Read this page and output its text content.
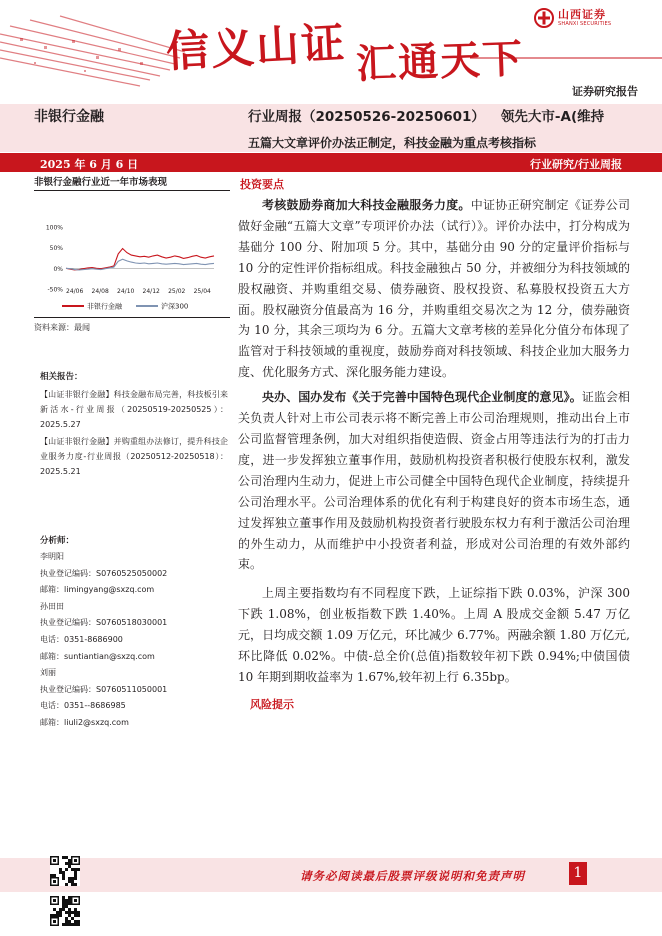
信义山证 汇通天下
山西证券
SHANXI SECURITIES
证券研究报告
非银行金融	行业周报（20250526-20250601） 领先大市-A(维持
五篇大文章评价办法正制定，科技金融为重点考核指标
2025 年 6 月 6 日	行业研究/行业周报
非银行金融行业近一年市场表现
100%
50%
0%
-50% 24/06 24/08 24/10 24/12 25/02 25/04
非银行金融	沪深300
资料来源：最闻
相关报告：
【山证非银行金融】科技金融布局完善，科技板引来新活水-行业周报（20250519-20250525）：2025.5.27
【山证非银行金融】并购重组办法修订，提升科技企业服务力度-行业周报（20250512-20250518）：2025.5.21
分析师：
李明阳
执业登记编码：S0760525050002
邮箱：limingyang@sxzq.com
孙田田
执业登记编码：S0760518030001
电话：0351-8686900
邮箱：suntiantian@sxzq.com
刘丽
执业登记编码：S0760511050001
电话：0351--8686985
邮箱：liuli2@sxzq.com
投资要点

考核鼓励券商加大科技金融服务力度。中证协正研究制定《证券公司做好金融“五篇大文章”专项评价办法（试行）》。评价办法中，打分构成为基础分 100 分、附加项 5 分。其中，基础分由 90 分的定量评价指标与 10 分的定性评价指标组成。科技金融独占 50 分，并被细分为科技领域的股权融资、并购重组交易、债券融资、股权投资、私募股权投资五大方面。股权融资分值最高为 16 分，并购重组交易次之为 12 分，债券融资为 10 分，其余三项均为 6 分。五篇大文章考核的差异化分值分布体现了监管对于科技领域的重视度，鼓励券商对科技领域、科技企业加大服务力度、优化服务方式、深化服务能力建设。

央办、国办发布《关于完善中国特色现代企业制度的意见》。证监会相关负责人针对上市公司表示将不断完善上市公司治理规则，推动出台上市公司监督管理条例，加大对组织指使造假、资金占用等违法行为的打击力度，进一步发挥独立董事作用，鼓励机构投资者积极行使股东权利，激发公司治理内生动力，促进上市公司健全中国特色现代企业制度，持续提升公司治理水平。公司治理体系的优化有利于构建良好的资本市场生态，通过发挥独立董事作用及鼓励机构投资者行驶股东权力有利于激活公司治理的外生动力，从而维护中小投资者利益，形成对公司治理的有效外部约束。

上周主要指数均有不同程度下跌，上证综指下跌 0.03%，沪深 300 下跌 1.08%，创业板指数下跌 1.40%。上周 A 股成交金额 5.47 万亿元，日均成交额 1.09 万亿元，环比减少 6.77%。两融余额 1.80 万亿元,环比降低 0.02%。中债-总全价(总值)指数较年初下跌 0.94%;中债国债 10 年期到期收益率为 1.67%,较年初上行 6.35bp。

风险提示
请务必阅读最后股票评级说明和免责声明	1
